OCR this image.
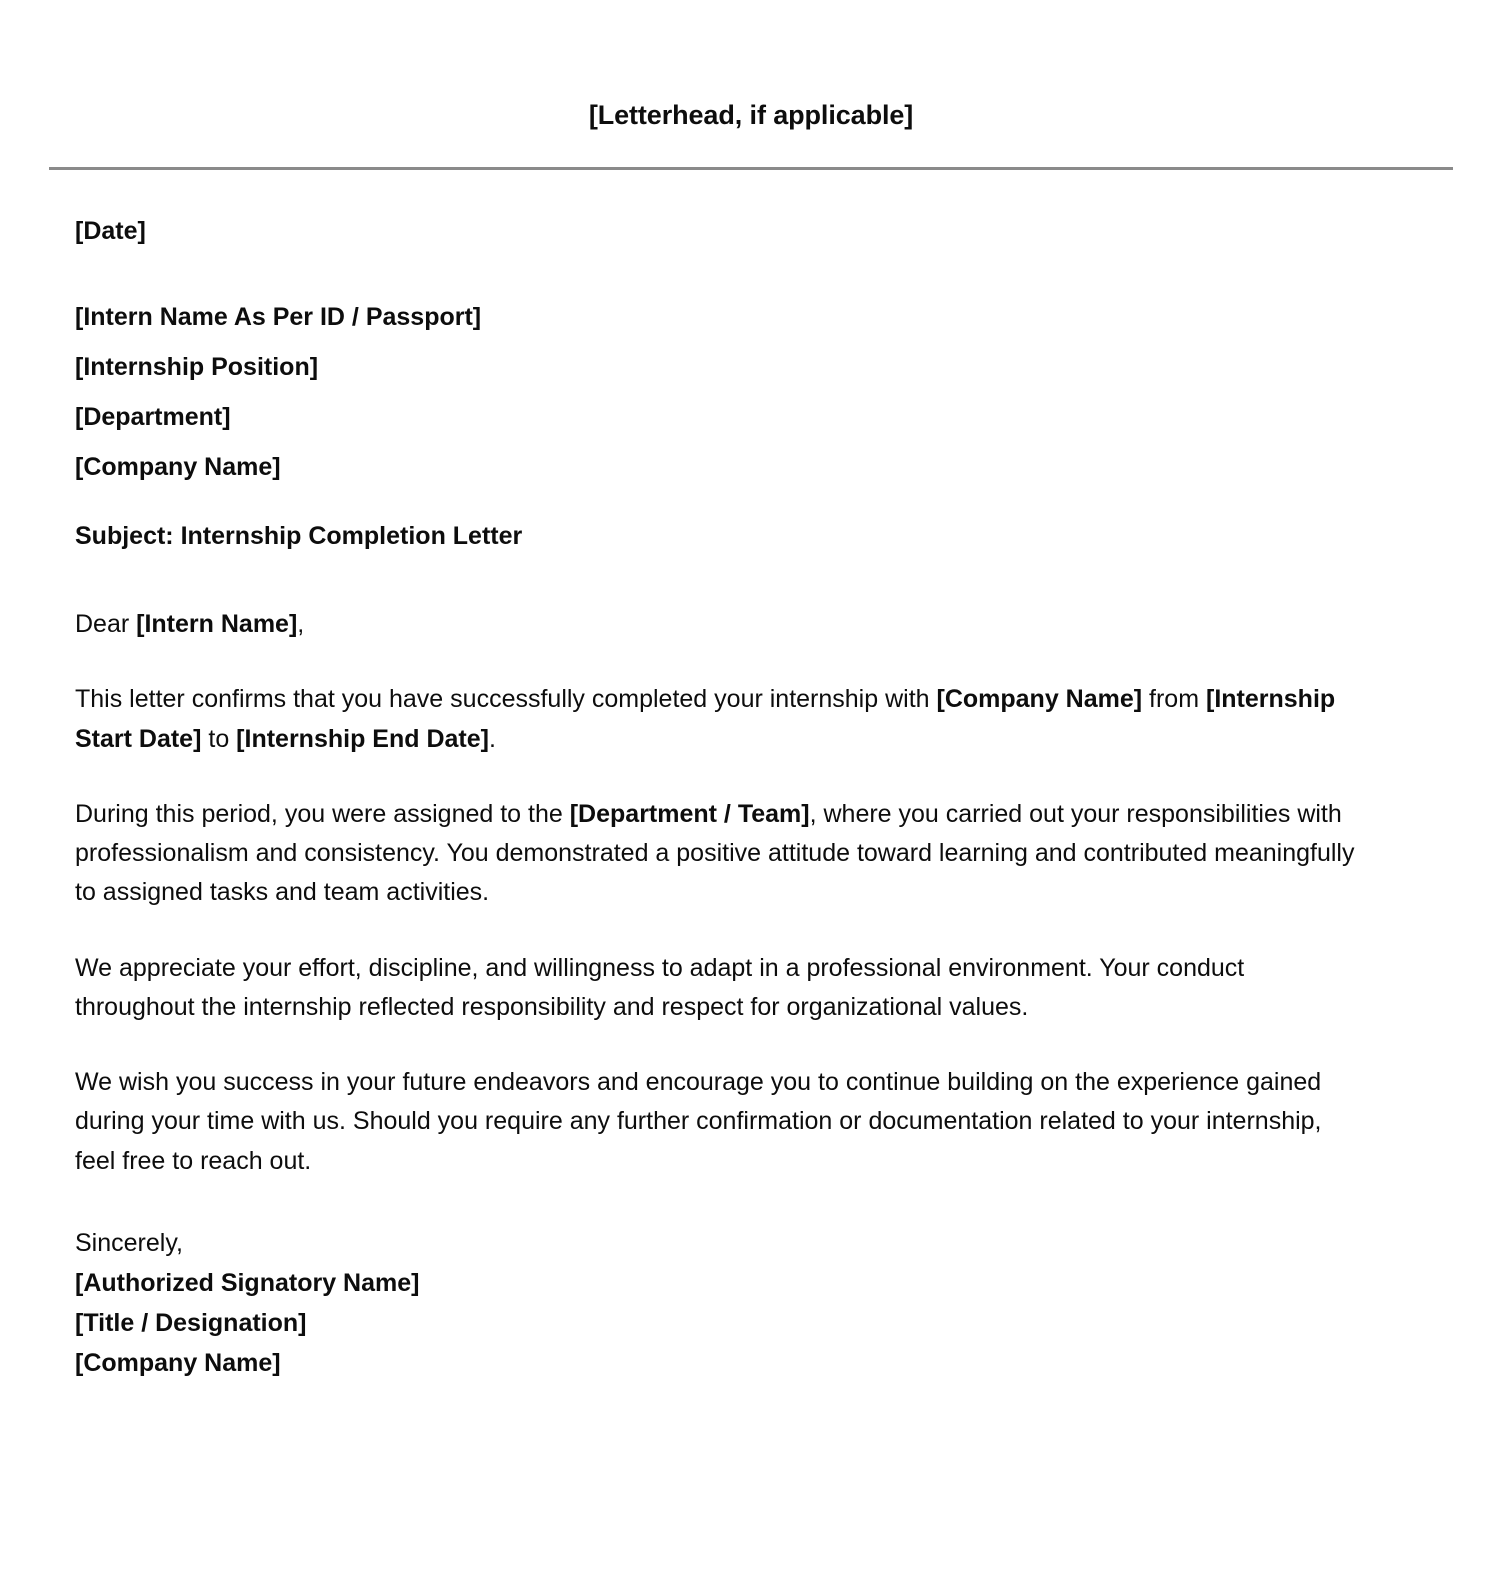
[Letterhead, if applicable]
[Date]
[Intern Name As Per ID / Passport]
[Internship Position]
[Department]
[Company Name]
Subject: Internship Completion Letter
Dear [Intern Name],
This letter confirms that you have successfully completed your internship with [Company Name] from [Internship Start Date] to [Internship End Date].
During this period, you were assigned to the [Department / Team], where you carried out your responsibilities with professionalism and consistency. You demonstrated a positive attitude toward learning and contributed meaningfully to assigned tasks and team activities.
We appreciate your effort, discipline, and willingness to adapt in a professional environment. Your conduct throughout the internship reflected responsibility and respect for organizational values.
We wish you success in your future endeavors and encourage you to continue building on the experience gained during your time with us. Should you require any further confirmation or documentation related to your internship, feel free to reach out.
Sincerely,
[Authorized Signatory Name]
[Title / Designation]
[Company Name]
